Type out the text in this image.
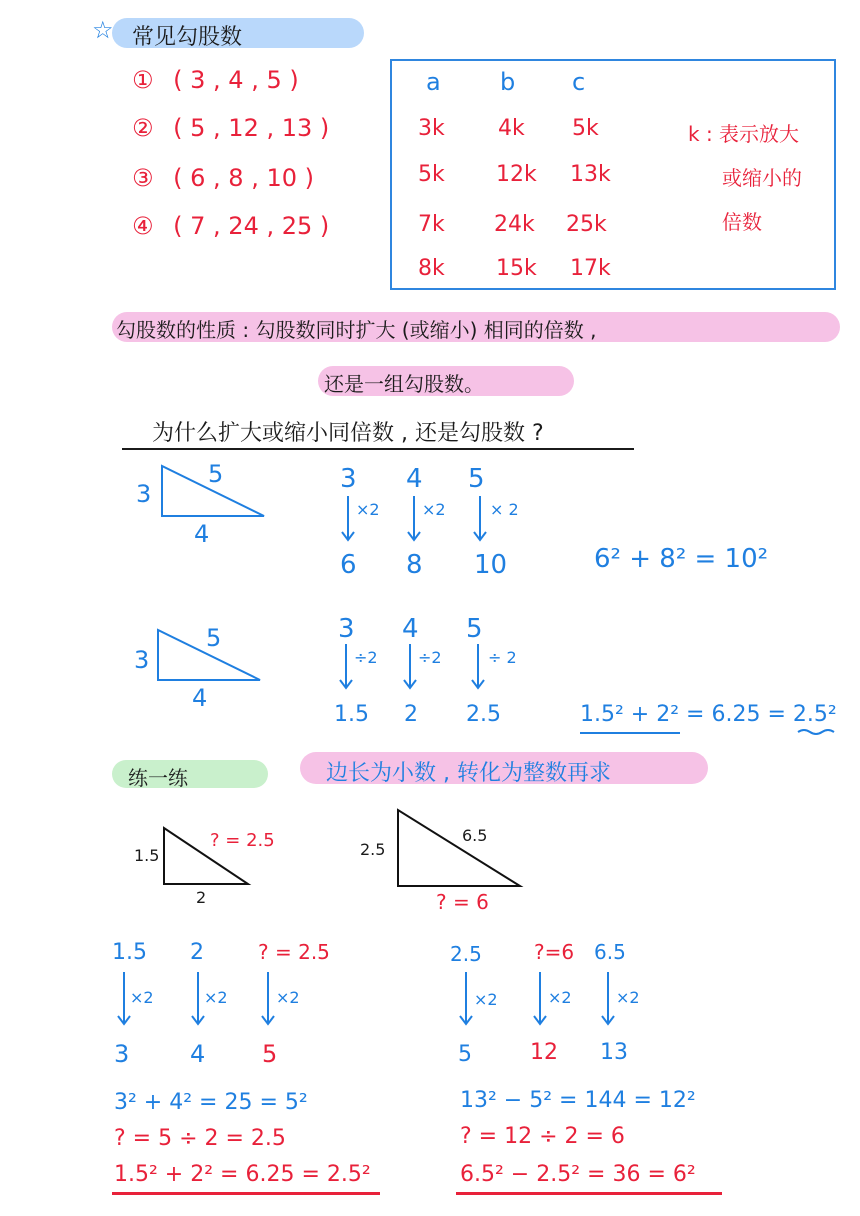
☆ 常见勾股数
① ( 3 , 4 , 5 )
② ( 5 , 12 , 13 )
③ ( 6 , 8 , 10 )
④ ( 7 , 24 , 25 )
a b c
3k 4k 5k
5k 12k 13k
7k 24k 25k
8k 15k 17k
k : 表示放大
或缩小的
倍数
勾股数的性质 : 勾股数同时扩大 (或缩小) 相同的倍数 ,
还是一组勾股数。
为什么扩大或缩小同倍数 , 还是勾股数 ?
3
5
4
3 4 5
×2	×2	× 2
6 8 10	6² + 8² = 10²
3
5
4
3 4 5
÷2	÷2	÷ 2
1.5 2 2.5	1.5² + 2² = 6.25 = 2.5²
练一练	边长为小数 , 转化为整数再求
1.5
? = 2.5
2
2.5
6.5
? = 6
1.5 2	? = 2.5
×2	×2	×2
3	4 5
3² + 4² = 25 = 5²
? = 5 ÷ 2 = 2.5
1.5² + 2² = 6.25 = 2.5²
2.5	?=6 6.5
×2	×2	×2
5	12 13
13² − 5² = 144 = 12²
? = 12 ÷ 2 = 6
6.5² − 2.5² = 36 = 6²
